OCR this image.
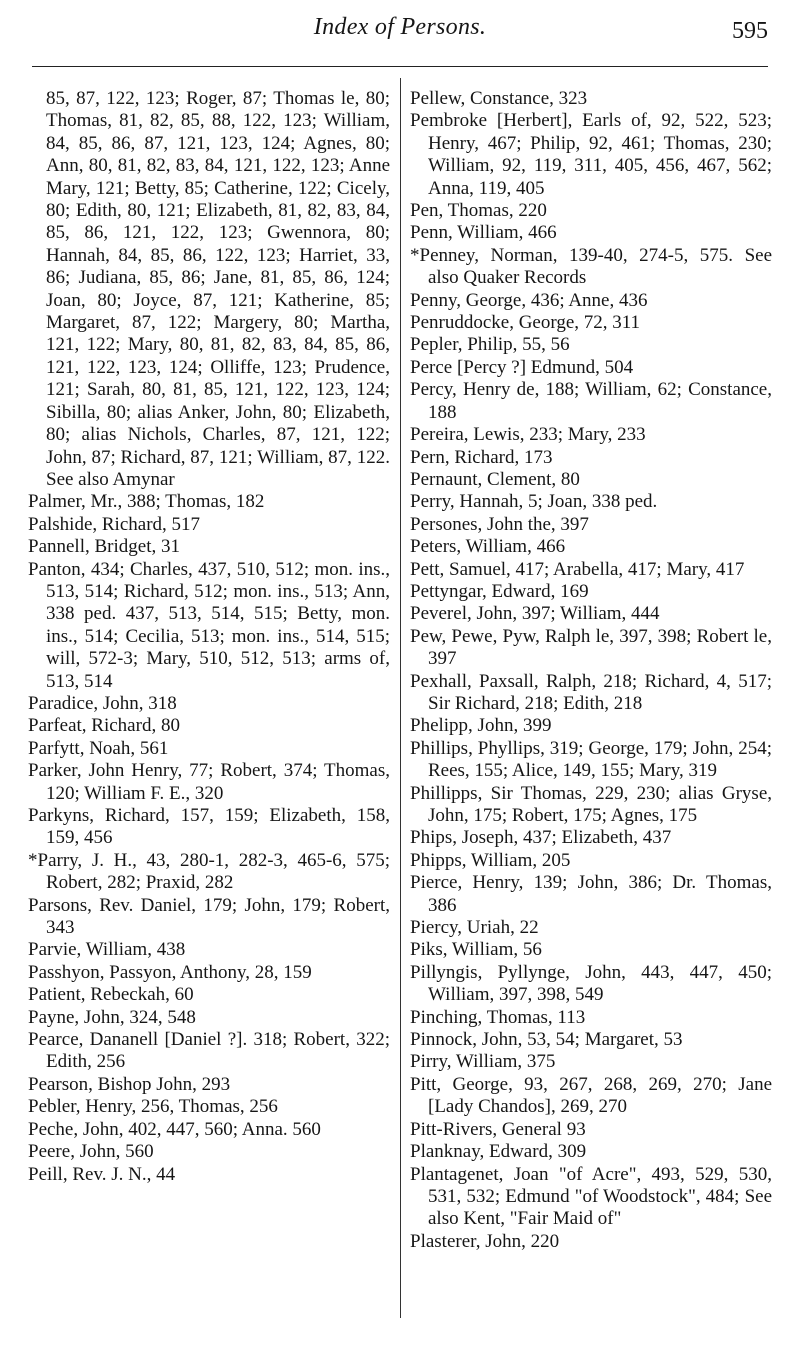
Index of Persons.	595

85, 87, 122, 123; Roger, 87; Thomas le, 80; Thomas, 81, 82, 85, 88, 122, 123; William, 84, 85, 86, 87, 121, 123, 124; Agnes, 80; Ann, 80, 81, 82, 83, 84, 121, 122, 123; Anne Mary, 121; Betty, 85; Catherine, 122; Cicely, 80; Edith, 80, 121; Elizabeth, 81, 82, 83, 84, 85, 86, 121, 122, 123; Gwennora, 80; Hannah, 84, 85, 86, 122, 123; Harriet, 33, 86; Judiana, 85, 86; Jane, 81, 85, 86, 124; Joan, 80; Joyce, 87, 121; Katherine, 85; Margaret, 87, 122; Margery, 80; Martha, 121, 122; Mary, 80, 81, 82, 83, 84, 85, 86, 121, 122, 123, 124; Olliffe, 123; Prudence, 121; Sarah, 80, 81, 85, 121, 122, 123, 124; Sibilla, 80; alias Anker, John, 80; Elizabeth, 80; alias Nichols, Charles, 87, 121, 122; John, 87; Richard, 87, 121; William, 87, 122. See also Amynar

Palmer, Mr., 388; Thomas, 182

Palshide, Richard, 517

Pannell, Bridget, 31

Panton, 434; Charles, 437, 510, 512; mon. ins., 513, 514; Richard, 512; mon. ins., 513; Ann, 338 ped. 437, 513, 514, 515; Betty, mon. ins., 514; Cecilia, 513; mon. ins., 514, 515; will, 572-3; Mary, 510, 512, 513; arms of, 513, 514

Paradice, John, 318

Parfeat, Richard, 80

Parfytt, Noah, 561

Parker, John Henry, 77; Robert, 374; Thomas, 120; William F. E., 320

Parkyns, Richard, 157, 159; Elizabeth, 158, 159, 456

*Parry, J. H., 43, 280-1, 282-3, 465-6, 575; Robert, 282; Praxid, 282

Parsons, Rev. Daniel, 179; John, 179; Robert, 343

Parvie, William, 438

Passhyon, Passyon, Anthony, 28, 159

Patient, Rebeckah, 60

Payne, John, 324, 548

Pearce, Dananell [Daniel ?]. 318; Robert, 322; Edith, 256

Pearson, Bishop John, 293

Pebler, Henry, 256, Thomas, 256

Peche, John, 402, 447, 560; Anna. 560

Peere, John, 560

Peill, Rev. J. N., 44

Pellew, Constance, 323

Pembroke [Herbert], Earls of, 92, 522, 523; Henry, 467; Philip, 92, 461; Thomas, 230; William, 92, 119, 311, 405, 456, 467, 562; Anna, 119, 405

Pen, Thomas, 220

Penn, William, 466

*Penney, Norman, 139-40, 274-5, 575. See also Quaker Records

Penny, George, 436; Anne, 436

Penruddocke, George, 72, 311

Pepler, Philip, 55, 56

Perce [Percy ?] Edmund, 504

Percy, Henry de, 188; William, 62; Constance, 188

Pereira, Lewis, 233; Mary, 233

Pern, Richard, 173

Pernaunt, Clement, 80

Perry, Hannah, 5; Joan, 338 ped.

Persones, John the, 397

Peters, William, 466

Pett, Samuel, 417; Arabella, 417; Mary, 417

Pettyngar, Edward, 169

Peverel, John, 397; William, 444

Pew, Pewe, Pyw, Ralph le, 397, 398; Robert le, 397

Pexhall, Paxsall, Ralph, 218; Richard, 4, 517; Sir Richard, 218; Edith, 218

Phelipp, John, 399

Phillips, Phyllips, 319; George, 179; John, 254; Rees, 155; Alice, 149, 155; Mary, 319

Phillipps, Sir Thomas, 229, 230; alias Gryse, John, 175; Robert, 175; Agnes, 175

Phips, Joseph, 437; Elizabeth, 437

Phipps, William, 205

Pierce, Henry, 139; John, 386; Dr. Thomas, 386

Piercy, Uriah, 22

Piks, William, 56

Pillyngis, Pyllynge, John, 443, 447, 450; William, 397, 398, 549

Pinching, Thomas, 113

Pinnock, John, 53, 54; Margaret, 53

Pirry, William, 375

Pitt, George, 93, 267, 268, 269, 270; Jane [Lady Chandos], 269, 270

Pitt-Rivers, General 93

Planknay, Edward, 309

Plantagenet, Joan "of Acre", 493, 529, 530, 531, 532; Edmund "of Woodstock", 484; See also Kent, "Fair Maid of"

Plasterer, John, 220
